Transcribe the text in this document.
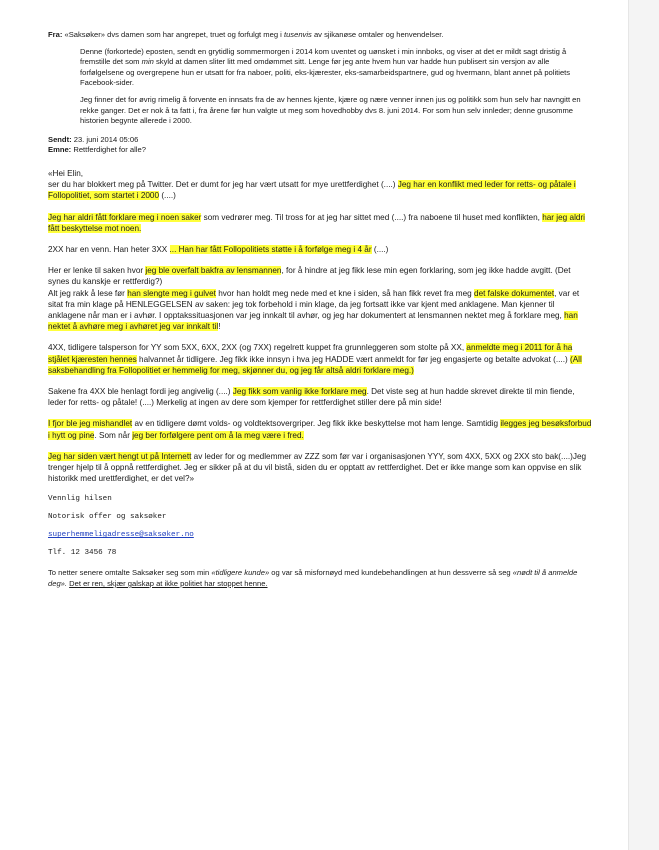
Fra: «Saksøker» dvs damen som har angrepet, truet og forfulgt meg i tusenvis av sjikanøse omtaler og henvendelser.

Denne (forkortede) eposten, sendt en grytidlig sommermorgen i 2014 kom uventet og uønsket i min innboks, og viser at det er mildt sagt dristig å fremstille det som min skyld at damen sliter litt med omdømmet sitt. Lenge før jeg ante hvem hun var hadde hun publisert sin versjon av alle forfølgelsene og overgrepene hun er utsatt for fra naboer, politi, eks-kjærester, eks-samarbeidspartnere, gud og hvermann, blant annet på politiets Facebook-sider.

Jeg finner det for øvrig rimelig å forvente en innsats fra de av hennes kjente, kjære og nære venner innen jus og politikk som hun selv har navngitt en rekke ganger. Det er nok å ta fatt i, fra årene før hun valgte ut meg som hovedhobby dvs 8. juni 2014. For som hun selv innleder; denne grusomme historien begynte allerede i 2000.

Sendt: 23. juni 2014 05:06

Emne: Rettferdighet for alle?

«Hei Elin,

ser du har blokkert meg på Twitter. Det er dumt for jeg har vært utsatt for mye urettferdighet (....) Jeg har en konflikt med leder for retts- og påtale i Follopolitiet, som startet i 2000 (....)

Jeg har aldri fått forklare meg i noen saker som vedrører meg. Til tross for at jeg har sittet med (....) fra naboene til huset med konflikten, har jeg aldri fått beskyttelse mot noen.

2XX har en venn. Han heter 3XX ... Han har fått Follopolitiets støtte i å forfølge meg i 4 år (....)

Her er lenke til saken hvor jeg ble overfalt bakfra av lensmannen, for å hindre at jeg fikk lese min egen forklaring, som jeg ikke hadde avgitt. (Det synes du kanskje er rettferdig?)
Alt jeg rakk å lese før han slengte meg i gulvet hvor han holdt meg nede med et kne i siden, så han fikk revet fra meg det falske dokumentet, var et sitat fra min klage på HENLEGGELSEN av saken: jeg tok forbehold i min klage, da jeg fortsatt ikke var kjent med anklagene. Man kjenner til anklagene når man er i avhør. I opptakssituasjonen var jeg innkalt til avhør, og jeg har dokumentert at lensmannen nektet meg å forklare meg, han nektet å avhøre meg i avhøret jeg var innkalt til!

4XX, tidligere talsperson for YY som 5XX, 6XX, 2XX (og 7XX) regelrett kuppet fra grunnleggeren som stolte på XX, anmeldte meg i 2011 for å ha stjålet kjæresten hennes halvannet år tidligere. Jeg fikk ikke innsyn i hva jeg HADDE vært anmeldt for før jeg engasjerte og betalte advokat (....) (All saksbehandling fra Follopolitiet er hemmelig for meg, skjønner du, og jeg får altså aldri forklare meg.)

Sakene fra 4XX ble henlagt fordi jeg angivelig (....) Jeg fikk som vanlig ikke forklare meg. Det viste seg at hun hadde skrevet direkte til min fiende, leder for retts- og påtale! (....) Merkelig at ingen av dere som kjemper for rettferdighet stiller dere på min side!

I fjor ble jeg mishandlet av en tidligere dømt volds- og voldtektsovergriper. Jeg fikk ikke beskyttelse mot ham lenge. Samtidig ilegges jeg besøksforbud i hytt og pine. Som når jeg ber forfølgere pent om å la meg være i fred.

Jeg har siden vært hengt ut på Internett av leder for og medlemmer av ZZZ som før var i organisasjonen YYY, som 4XX, 5XX og 2XX sto bak(....)Jeg trenger hjelp til å oppnå rettferdighet. Jeg er sikker på at du vil bistå, siden du er opptatt av rettferdighet. Det er ikke mange som kan oppvise en slik historikk med urettferdighet, er det vel?»

Vennlig hilsen

Notorisk offer og saksøker

superhemmeligadresse@saksøker.no

Tlf. 12 3456 78

To netter senere omtalte Saksøker seg som min «tidligere kunde» og var så misfornøyd med kundebehandlingen at hun dessverre så seg «nødt til å anmelde deg». Det er ren, skjær galskap at ikke politiet har stoppet henne.
